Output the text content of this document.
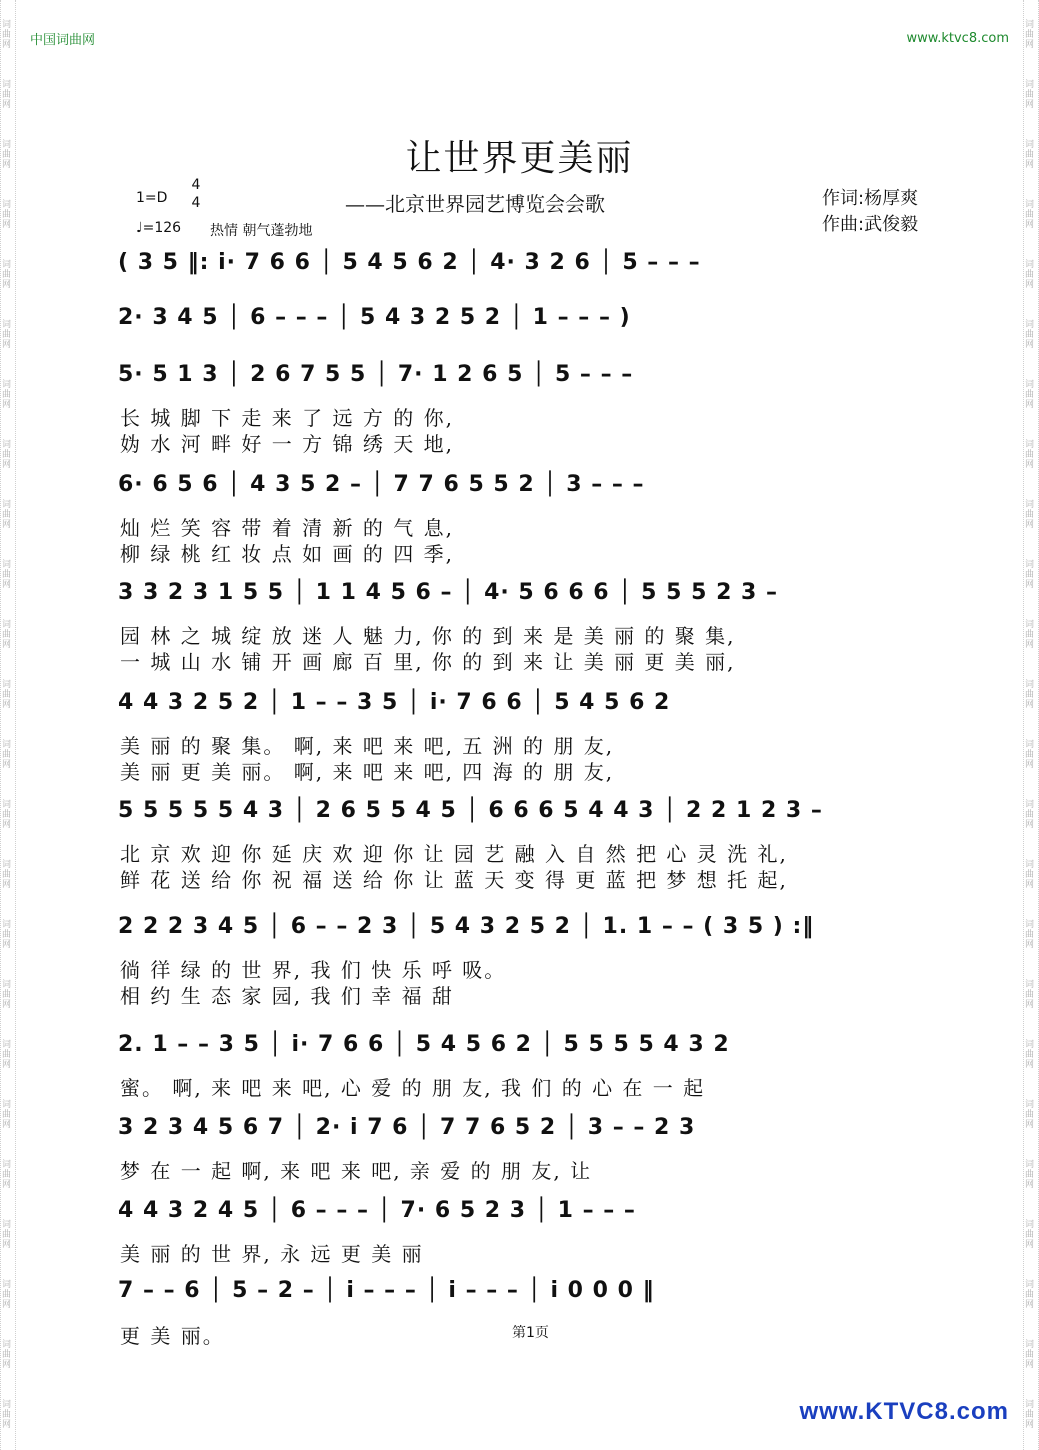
词
曲
网
词
曲
网
词
曲
网
词
曲
网
词
曲
网
词
曲
网
词
曲
网
词
曲
网
词
曲
网
词
曲
网
词
曲
网
词
曲
网
词
曲
网
词
曲
网
词
曲
网
词
曲
网
词
曲
网
词
曲
网
词
曲
网
词
曲
网
词
曲
网
词
曲
网
词
曲
网
词
曲
网
词
曲
网
词
曲
网
词
曲
网
词
曲
网
词
曲
网
词
曲
网
词
曲
网
词
曲
网
词
曲
网
词
曲
网
词
曲
网
词
曲
网
词
曲
网
词
曲
网
词
曲
网
词
曲
网
词
曲
网
词
曲
网
词
曲
网
词
曲
网
词
曲
网
词
曲
网
词
曲
网
词
曲
网
中国词曲网	www.ktvc8.com
让世界更美丽
——北京世界园艺博览会会歌	作词:杨厚爽
作曲:武俊毅
1=D
4
4
♩=126 热情 朝气蓬勃地
( 3 5 ‖: i· 7 6 6 │ 5 4 5 6 2 │ 4· 3 2 6 │ 5 – – –
2· 3 4 5 │ 6 – – – │ 5 4 3 2 5 2 │ 1 – – – )
5· 5 1 3 │ 2 6 7 5 5 │ 7· 1 2 6 5 │ 5 – – –
长 城 脚 下 走 来 了 远 方 的 你,
妫 水 河 畔 好 一 方 锦 绣 天 地,
6· 6 5 6 │ 4 3 5 2 – │ 7 7 6 5 5 2 │ 3 – – –
灿 烂 笑 容 带 着 清 新 的 气 息,
柳 绿 桃 红 妆 点 如 画 的 四 季,
3 3 2 3 1 5 5 │ 1 1 4 5 6 – │ 4· 5 6 6 6 │ 5 5 5 2 3 –
园 林 之 城 绽 放 迷 人 魅 力, 你 的 到 来 是 美 丽 的 聚 集,
一 城 山 水 铺 开 画 廊 百 里, 你 的 到 来 让 美 丽 更 美 丽,
4 4 3 2 5 2 │ 1 – – 3 5 │ i· 7 6 6 │ 5 4 5 6 2
美 丽 的 聚 集。 啊, 来 吧 来 吧, 五 洲 的 朋 友,
美 丽 更 美 丽。 啊, 来 吧 来 吧, 四 海 的 朋 友,
5 5 5 5 5 4 3 │ 2 6 5 5 4 5 │ 6 6 6 5 4 4 3 │ 2 2 1 2 3 –
北 京 欢 迎 你 延 庆 欢 迎 你 让 园 艺 融 入 自 然 把 心 灵 洗 礼,
鲜 花 送 给 你 祝 福 送 给 你 让 蓝 天 变 得 更 蓝 把 梦 想 托 起,
2 2 2 3 4 5 │ 6 – – 2 3 │ 5 4 3 2 5 2 │ 1. 1 – – ( 3 5 ) :‖
徜 徉 绿 的 世 界, 我 们 快 乐 呼 吸。
相 约 生 态 家 园, 我 们 幸 福 甜
2. 1 – – 3 5 │ i· 7 6 6 │ 5 4 5 6 2 │ 5 5 5 5 4 3 2
蜜。 啊, 来 吧 来 吧, 心 爱 的 朋 友, 我 们 的 心 在 一 起
3 2 3 4 5 6 7 │ 2· i 7 6 │ 7 7 6 5 2 │ 3 – – 2 3
梦 在 一 起 啊, 来 吧 来 吧, 亲 爱 的 朋 友, 让
4 4 3 2 4 5 │ 6 – – – │ 7· 6 5 2 3 │ 1 – – –
美 丽 的 世 界, 永 远 更 美 丽
7 – – 6 │ 5 – 2 – │ i – – – │ i – – – │ i 0 0 0 ‖
更 美 丽。	第1页
www.KTVC8.com
